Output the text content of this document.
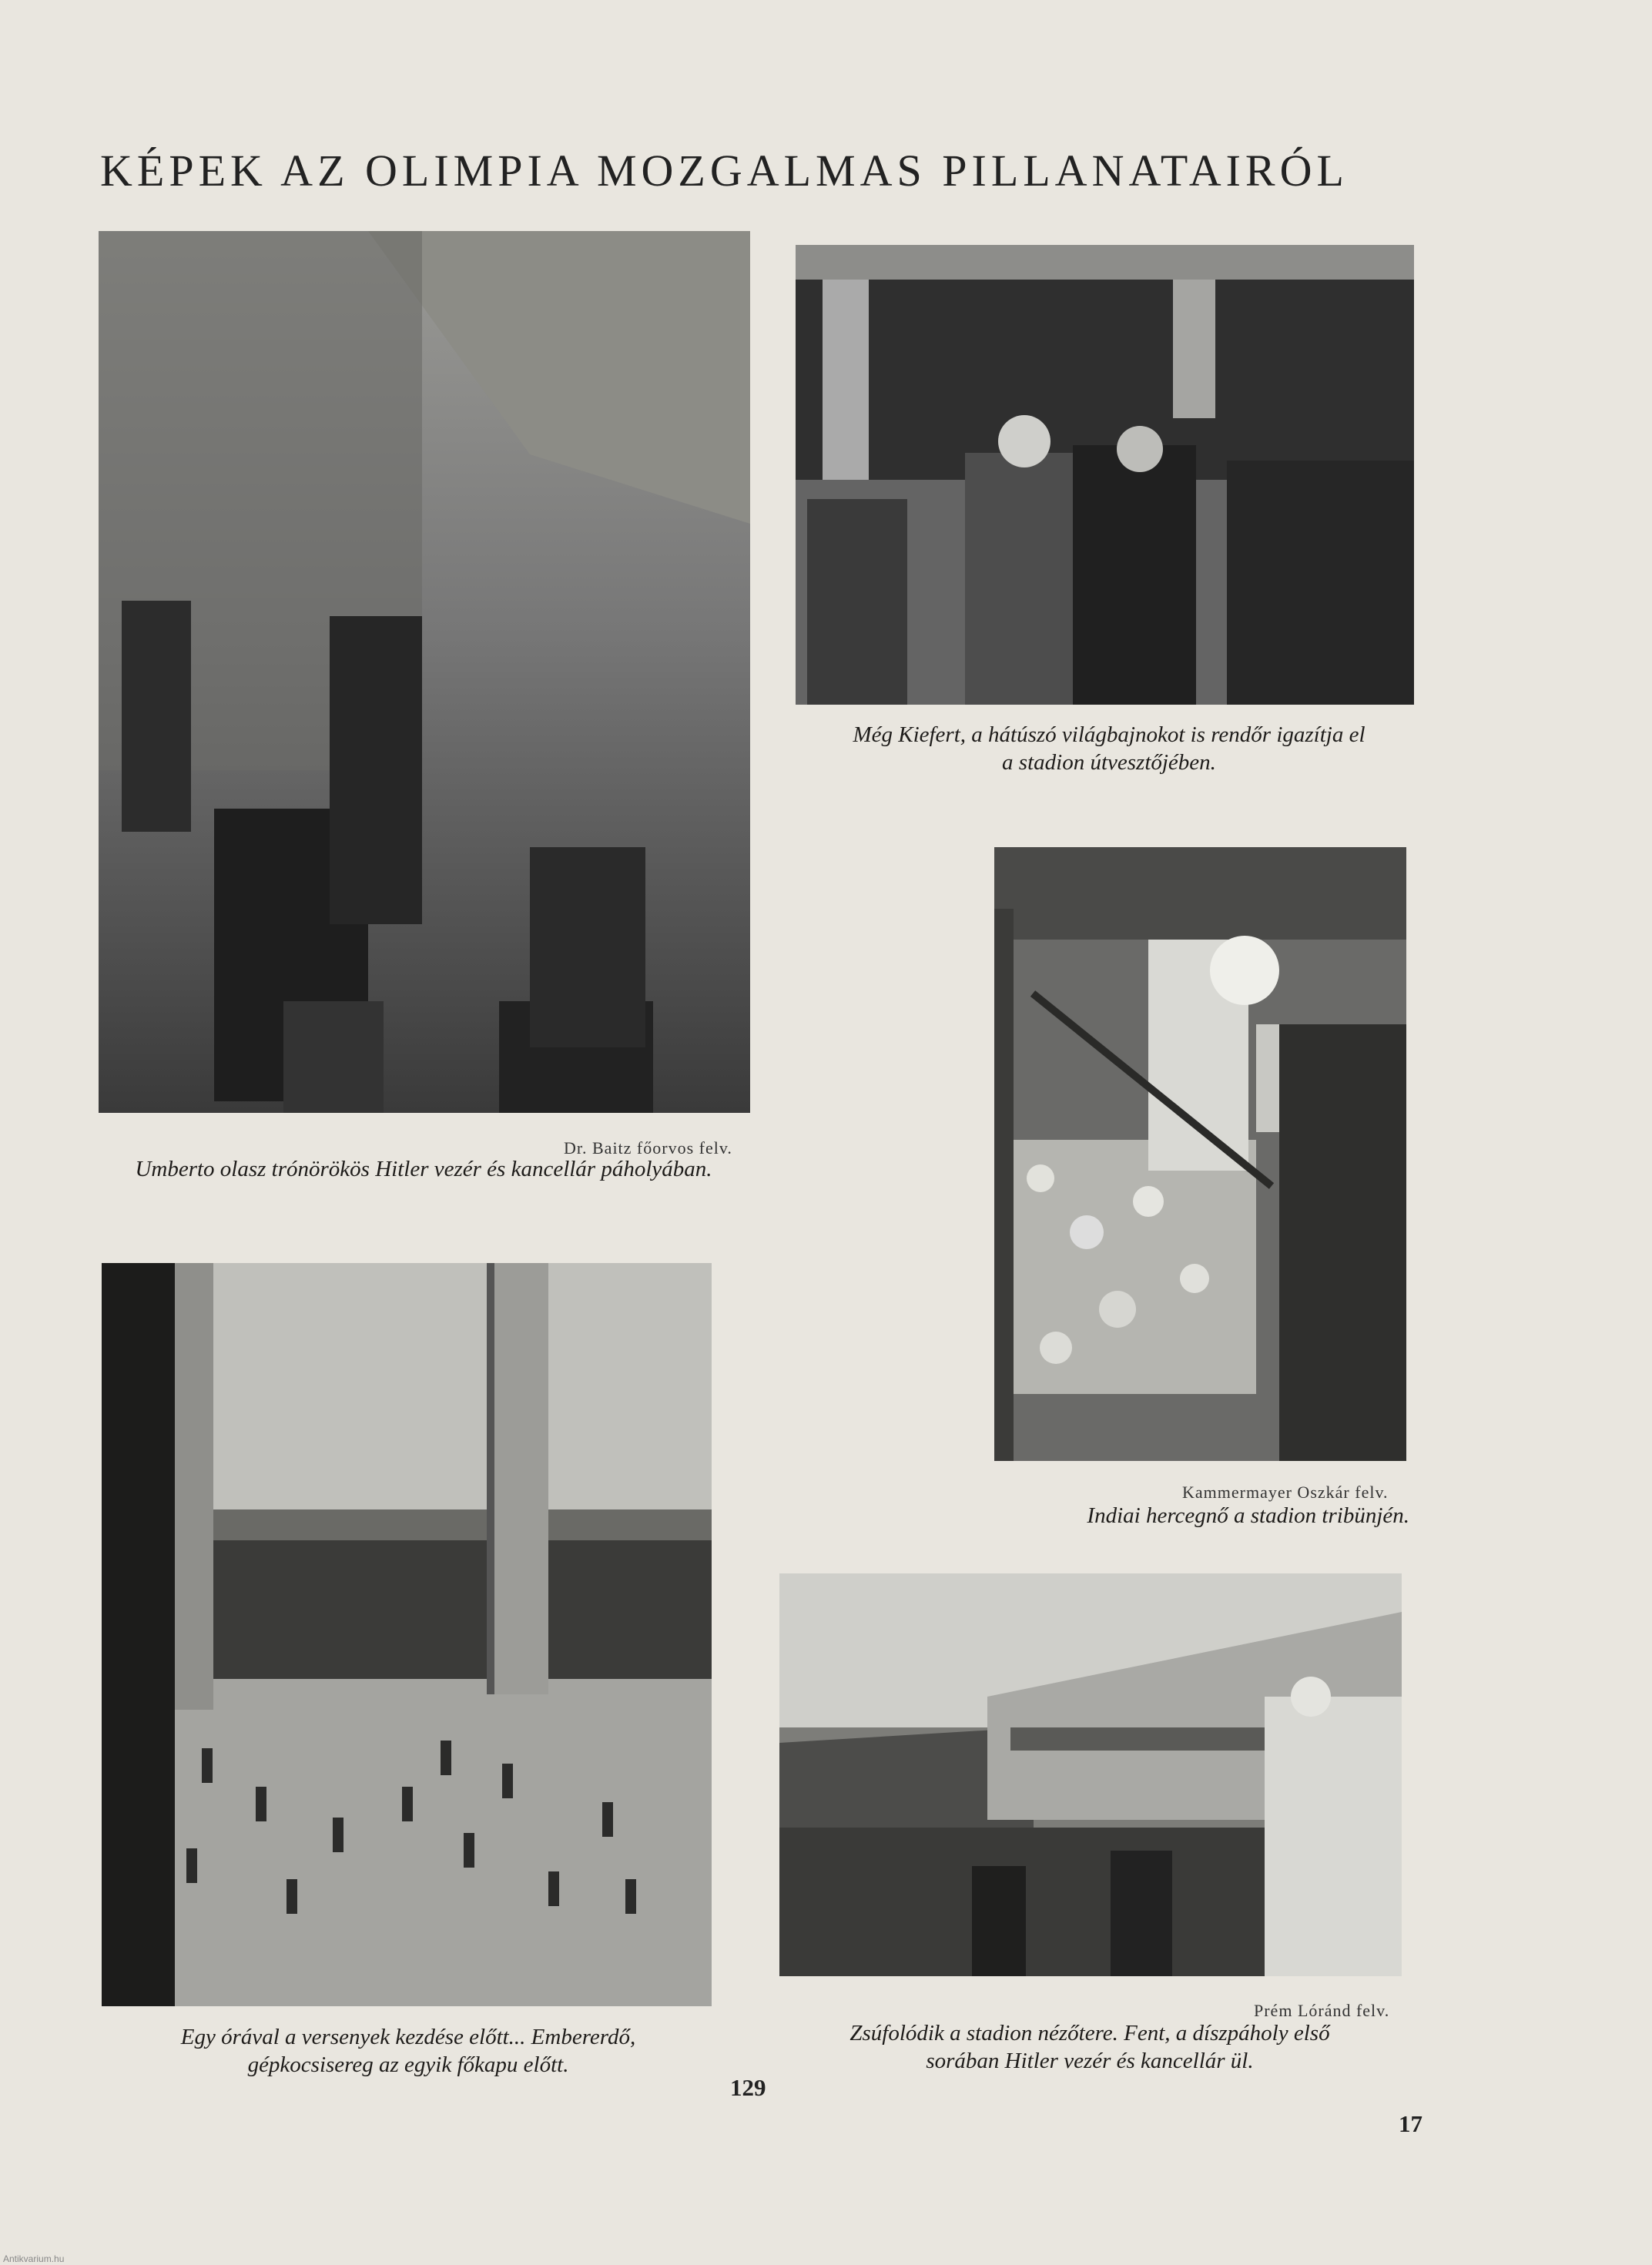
KÉPEK AZ OLIMPIA MOZGALMAS PILLANATAIRÓL
Dr. Baitz főorvos felv.
Umberto olasz trónörökös Hitler vezér és kancellár páholyában.
Még Kiefert, a hátúszó világbajnokot is rendőr igazítja el
a stadion útvesztőjében.
Kammermayer Oszkár felv.
Indiai hercegnő a stadion tribünjén.
Egy órával a versenyek kezdése előtt... Embererdő,
gépkocsisereg az egyik főkapu előtt.
Prém Lóránd felv.
Zsúfolódik a stadion nézőtere. Fent, a díszpáholy első
sorában Hitler vezér és kancellár ül.
129
17
Antikvarium.hu
